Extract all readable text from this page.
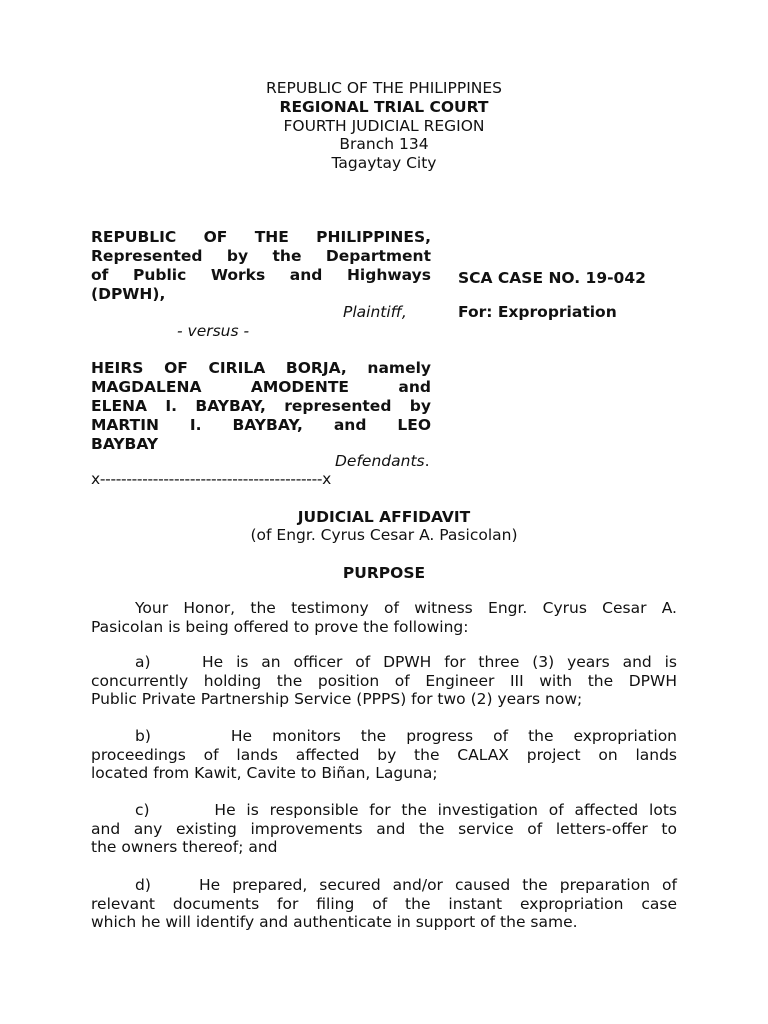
REPUBLIC OF THE PHILIPPINES
REGIONAL TRIAL COURT
FOURTH JUDICIAL REGION
Branch 134
Tagaytay City
REPUBLIC OF THE PHILIPPINES,
Represented by the Department
of Public Works and Highways
(DPWH),
Plaintiff,
- versus -
SCA CASE NO. 19-042
For: Expropriation
HEIRS OF CIRILA BORJA, namely
MAGDALENA AMODENTE and
ELENA I. BAYBAY, represented by
MARTIN I. BAYBAY, and LEO
BAYBAY
Defendants.
x------------------------------------------x
JUDICIAL AFFIDAVIT
(of Engr. Cyrus Cesar A. Pasicolan)
PURPOSE
Your Honor, the testimony of witness Engr. Cyrus Cesar A.
Pasicolan is being offered to prove the following:
a)    He is an officer of DPWH for three (3) years and is
concurrently holding the position of Engineer III with the DPWH
Public Private Partnership Service (PPPS) for two (2) years now;
b)    He monitors the progress of the expropriation
proceedings of lands affected by the CALAX project on lands
located from Kawit, Cavite to Biñan, Laguna;
c)      He is responsible for the investigation of affected lots
and any existing improvements and the service of letters-offer to
the owners thereof; and
d)    He prepared, secured and/or caused the preparation of
relevant documents for filing of the instant expropriation case
which he will identify and authenticate in support of the same.
